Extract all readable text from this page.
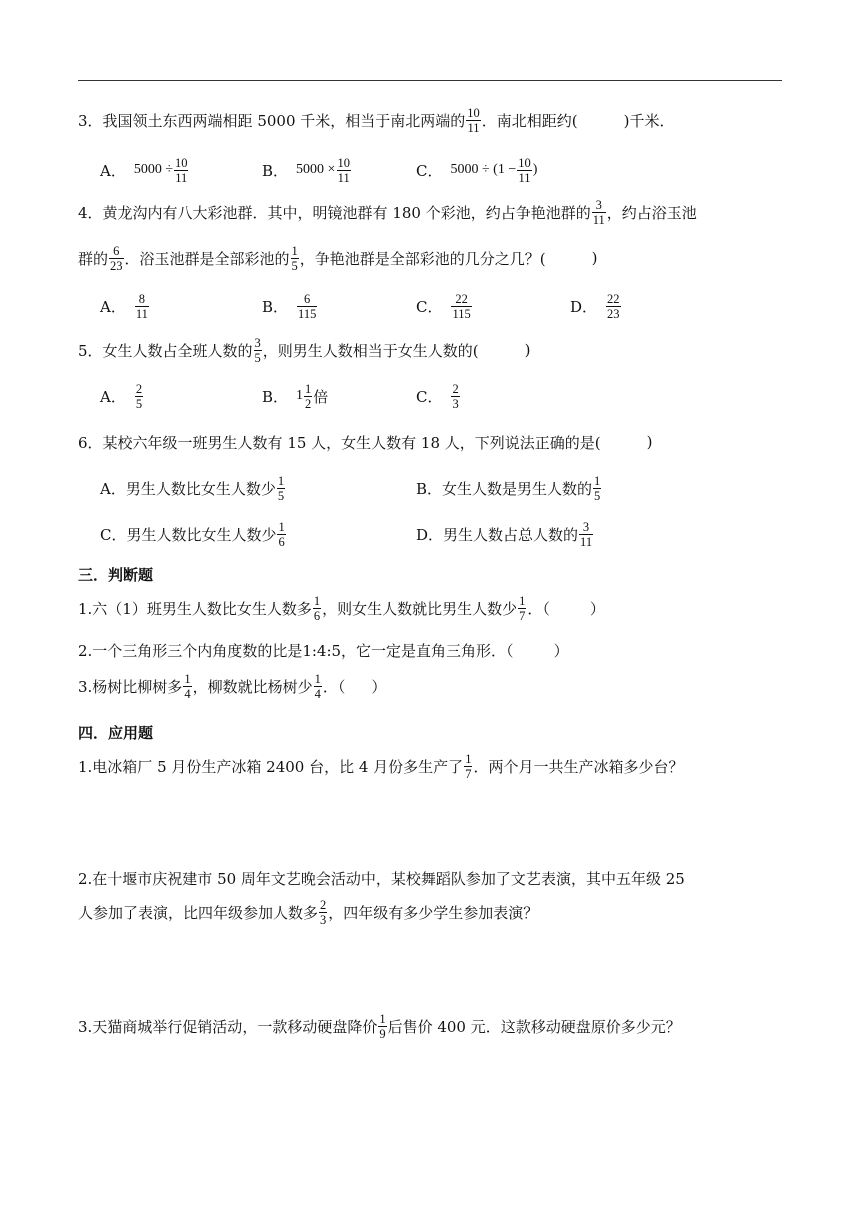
3．我国领土东西两端相距 5000 千米，相当于南北两端的 $\frac{10}{11}$ ．南北相距约(	)千米．
A． $5000 \div \frac{10}{11}$	B． $5000 \times \frac{10}{11}$	C． $5000 \div (1 - \frac{10}{11}$ )
4．黄龙沟内有八大彩池群．其中，明镜池群有 180 个彩池，约占争艳池群的 $\frac{3}{11}$ ，约占浴玉池
群的 $\frac{6}{23}$ ．浴玉池群是全部彩池的 $\frac{1}{5}$ ，争艳池群是全部彩池的几分之几？(	)
A． $\frac{8}{11}$	B． $\frac{6}{115}$	C． $\frac{22}{115}$	D． $\frac{22}{23}$
5．女生人数占全班人数的 $\frac{3}{5}$ ，则男生人数相当于女生人数的(	)
A． $\frac{2}{5}$	B． $1 \frac{1}{2}$ 倍	C． $\frac{2}{3}$
6．某校六年级一班男生人数有 15 人，女生人数有 18 人，下列说法正确的是(	)
A．男生人数比女生人数少 $\frac{1}{5}$	B．女生人数是男生人数的 $\frac{1}{5}$
C．男生人数比女生人数少 $\frac{1}{6}$	D．男生人数占总人数的 $\frac{3}{11}$
三．判断题
1.六（1）班男生人数比女生人数多 $\frac{1}{6}$ ，则女生人数就比男生人数少 $\frac{1}{7}$ ．（	）
2.一个三角形三个内角度数的比是1:4:5，它一定是直角三角形．（	）
3.杨树比柳树多 $\frac{1}{4}$ ，柳数就比杨树少 $\frac{1}{4}$ ．（ ）
四．应用题
1.电冰箱厂 5 月份生产冰箱 2400 台，比 4 月份多生产了 $\frac{1}{7}$ ．两个月一共生产冰箱多少台？
2.在十堰市庆祝建市 50 周年文艺晚会活动中，某校舞蹈队参加了文艺表演，其中五年级 25
人参加了表演，比四年级参加人数多 $\frac{2}{3}$ ，四年级有多少学生参加表演？
3.天猫商城举行促销活动，一款移动硬盘降价 $\frac{1}{9}$ 后售价 400 元．这款移动硬盘原价多少元？
